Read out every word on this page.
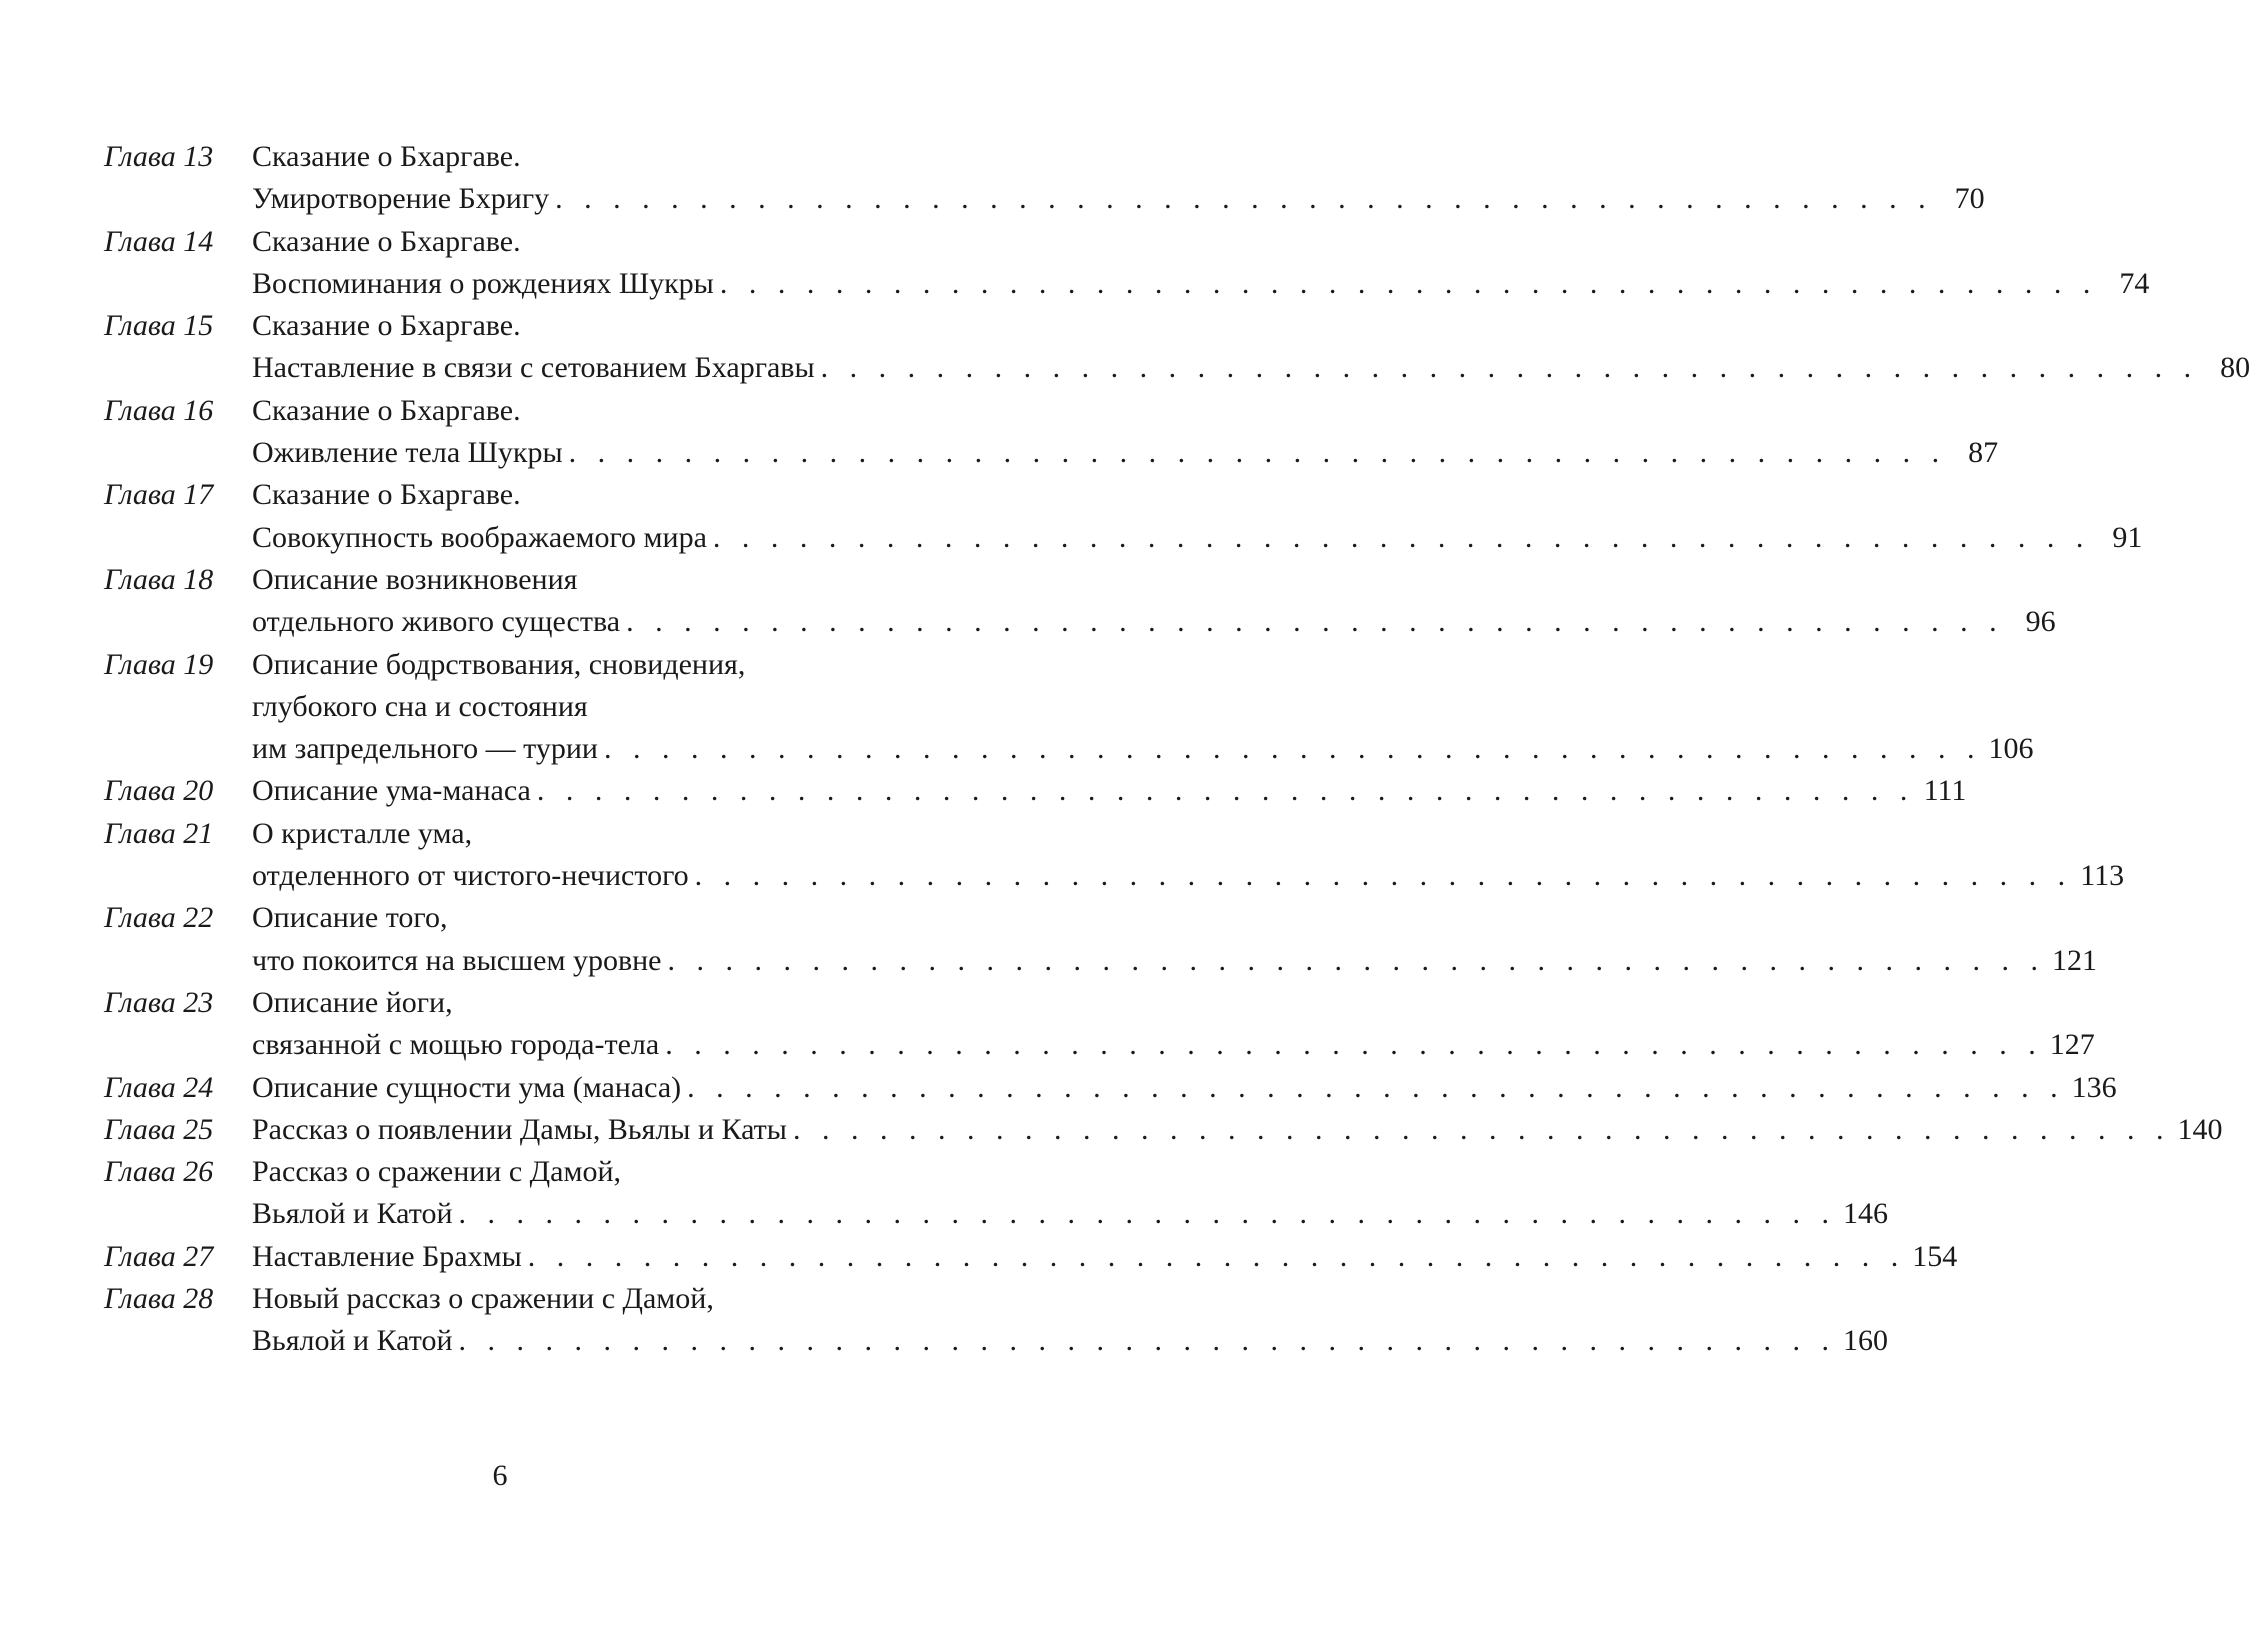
Глава 13	Сказание о Бхаргаве.
Умиротворение Бхригу . . .	70
Глава 14	Сказание о Бхаргаве.
Воспоминания о рождениях Шукры . . .	74
Глава 15	Сказание о Бхаргаве.
Наставление в связи с сетованием Бхаргавы . . .	80
Глава 16	Сказание о Бхаргаве.
Оживление тела Шукры . . .	87
Глава 17	Сказание о Бхаргаве.
Совокупность воображаемого мира . . .	91
Глава 18	Описание возникновения
отдельного живого существа . . .	96
Глава 19	Описание бодрствования, сновидения,
глубокого сна и состояния
им запредельного — турии . . .	106
Глава 20	Описание ума-манаса . . .	111
Глава 21	О кристалле ума,
отделенного от чистого-нечистого . . .	113
Глава 22	Описание того,
что покоится на высшем уровне . . .	121
Глава 23	Описание йоги,
связанной с мощью города-тела . . .	127
Глава 24	Описание сущности ума (манаса) . . .	136
Глава 25	Рассказ о появлении Дамы, Вьялы и Каты . . .	140
Глава 26	Рассказ о сражении с Дамой,
Вьялой и Катой . . .	146
Глава 27	Наставление Брахмы . . .	154
Глава 28	Новый рассказ о сражении с Дамой,
Вьялой и Катой . . .	160
6
